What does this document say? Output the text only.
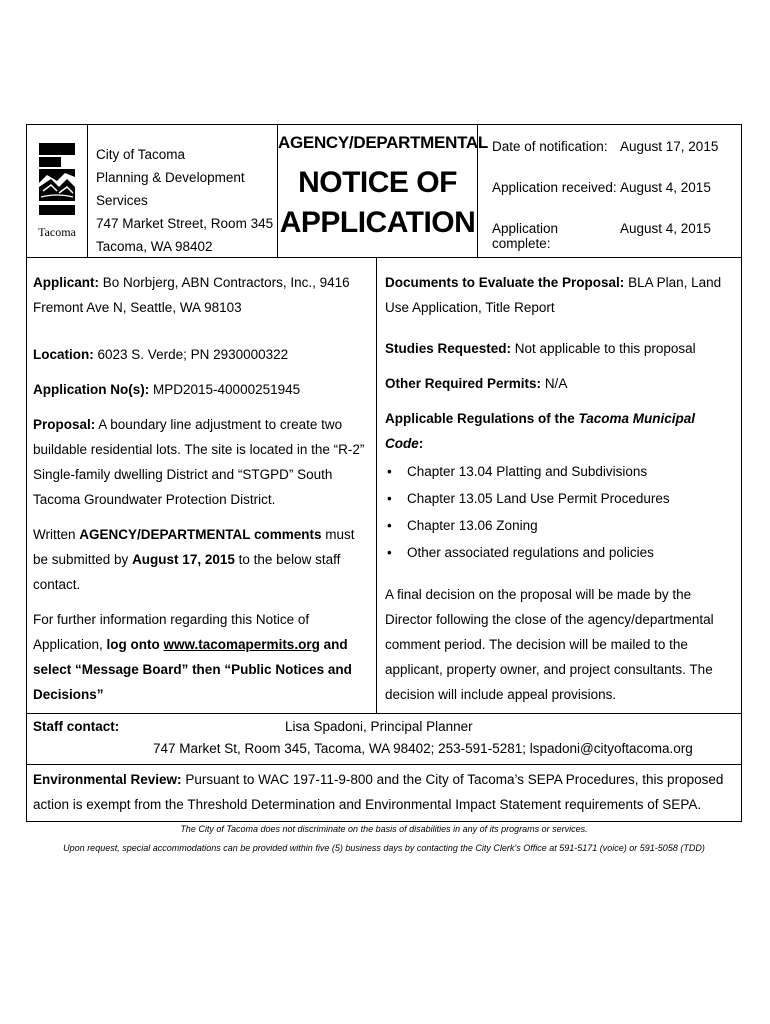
Tacoma
City of Tacoma
Planning & Development Services
747 Market Street, Room 345
Tacoma, WA 98402
AGENCY/DEPARTMENTAL
NOTICE OF
APPLICATION
Date of notification: August 17, 2015
Application received: August 4, 2015
Application complete:
August 4, 2015

Applicant: Bo Norbjerg, ABN Contractors, Inc., 9416 Fremont Ave N, Seattle, WA 98103

Location: 6023 S. Verde; PN 2930000322

Application No(s): MPD2015-40000251945

Proposal: A boundary line adjustment to create two buildable residential lots. The site is located in the “R-2” Single-family dwelling District and “STGPD” South Tacoma Groundwater Protection District.

Written AGENCY/DEPARTMENTAL comments must be submitted by August 17, 2015 to the below staff contact.

For further information regarding this Notice of Application, log onto www.tacomapermits.org and select “Message Board” then “Public Notices and Decisions”

Documents to Evaluate the Proposal: BLA Plan, Land Use Application, Title Report

Studies Requested: Not applicable to this proposal

Other Required Permits: N/A

Applicable Regulations of the Tacoma Municipal Code:

• Chapter 13.04 Platting and Subdivisions
• Chapter 13.05 Land Use Permit Procedures
• Chapter 13.06 Zoning
• Other associated regulations and policies

A final decision on the proposal will be made by the Director following the close of the agency/departmental comment period. The decision will be mailed to the applicant, property owner, and project consultants. The decision will include appeal provisions.

Staff contact:	Lisa Spadoni, Principal Planner
747 Market St, Room 345, Tacoma, WA 98402; 253-591-5281; lspadoni@cityoftacoma.org
Environmental Review: Pursuant to WAC 197-11-9-800 and the City of Tacoma’s SEPA Procedures, this proposed action is exempt from the Threshold Determination and Environmental Impact Statement requirements of SEPA.
The City of Tacoma does not discriminate on the basis of disabilities in any of its programs or services.
Upon request, special accommodations can be provided within five (5) business days by contacting the City Clerk’s Office at 591-5171 (voice) or 591-5058 (TDD)
